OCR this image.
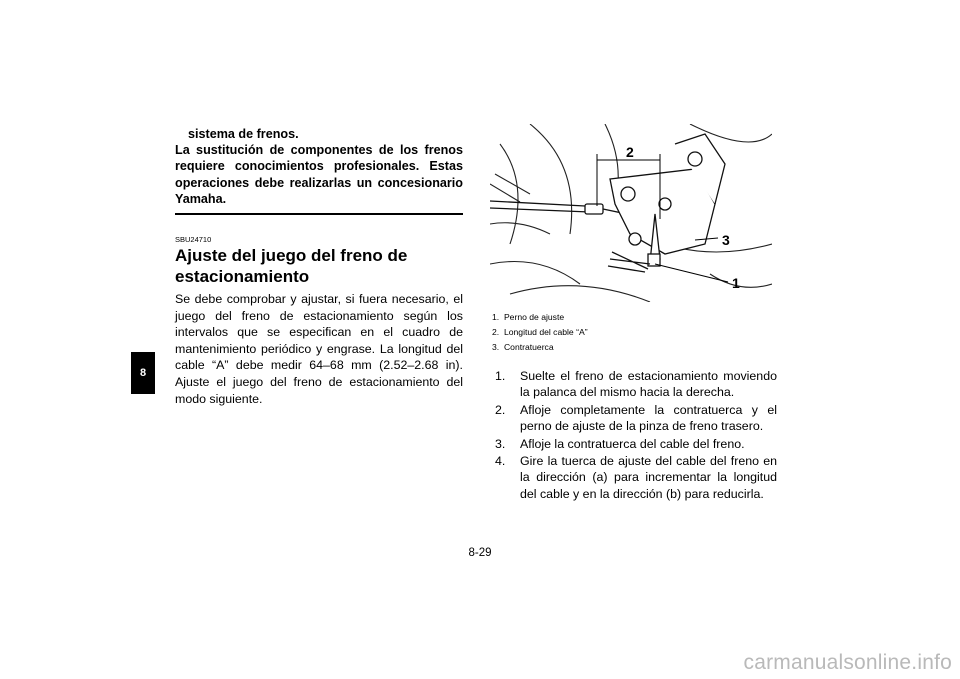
8

sistema de frenos.

La sustitución de componentes de los frenos requiere conocimientos profesionales. Estas operaciones debe realizarlas un concesionario Yamaha.

SBU24710

Ajuste del juego del freno de estacionamiento

Se debe comprobar y ajustar, si fuera necesario, el juego del freno de estacionamiento según los intervalos que se especifican en el cuadro de mantenimiento periódico y engrase. La longitud del cable “A” debe medir 64–68 mm (2.52–2.68 in). Ajuste el juego del freno de estacionamiento del modo siguiente.

2
3
1

1. Perno de ajuste

2. Longitud del cable “A”

3. Contratuerca

1.	Suelte el freno de estacionamiento moviendo la palanca del mismo hacia la derecha.
2.	Afloje completamente la contratuerca y el perno de ajuste de la pinza de freno trasero.
3.	Afloje la contratuerca del cable del freno.
4.	Gire la tuerca de ajuste del cable del freno en la dirección (a) para incrementar la longitud del cable y en la dirección (b) para reducirla.
8-29
carmanualsonline.info
